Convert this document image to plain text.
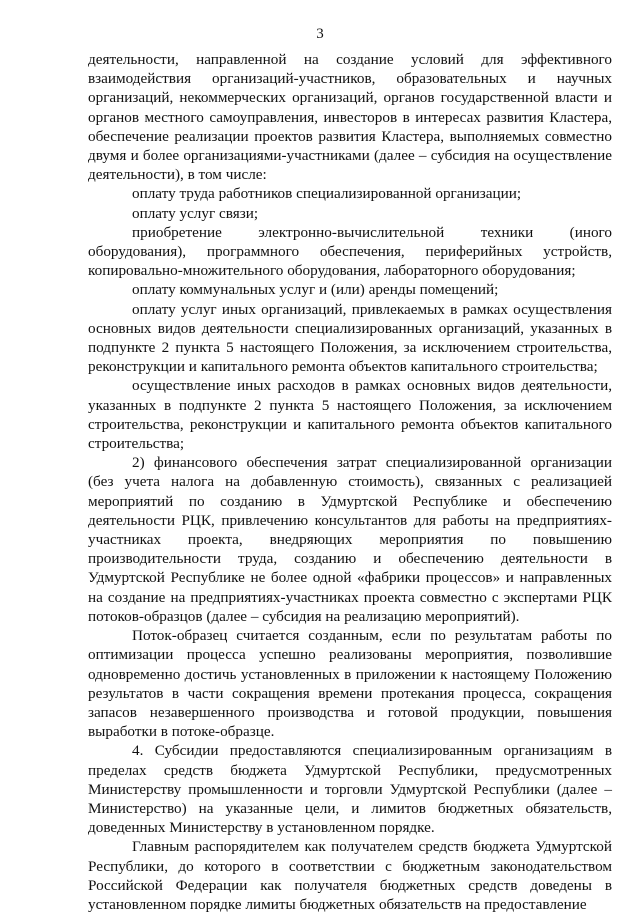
3

деятельности, направленной на создание условий для эффективного взаимодействия организаций-участников, образовательных и научных организаций, некоммерческих организаций, органов государственной власти и органов местного самоуправления, инвесторов в интересах развития Кластера, обеспечение реализации проектов развития Кластера, выполняемых совместно двумя и более организациями-участниками (далее – субсидия на осуществление деятельности), в том числе:

оплату труда работников специализированной организации;

оплату услуг связи;

приобретение электронно-вычислительной техники (иного оборудования), программного обеспечения, периферийных устройств, копировально-множительного оборудования, лабораторного оборудования;

оплату коммунальных услуг и (или) аренды помещений;

оплату услуг иных организаций, привлекаемых в рамках осуществления основных видов деятельности специализированных организаций, указанных в подпункте 2 пункта 5 настоящего Положения, за исключением строительства, реконструкции и капитального ремонта объектов капитального строительства;

осуществление иных расходов в рамках основных видов деятельности, указанных в подпункте 2 пункта 5 настоящего Положения, за исключением строительства, реконструкции и капитального ремонта объектов капитального строительства;

2) финансового обеспечения затрат специализированной организации (без учета налога на добавленную стоимость), связанных с реализацией мероприятий по созданию в Удмуртской Республике и обеспечению деятельности РЦК, привлечению консультантов для работы на предприятиях-участниках проекта, внедряющих мероприятия по повышению производительности труда, созданию и обеспечению деятельности в Удмуртской Республике не более одной «фабрики процессов» и направленных на создание на предприятиях-участниках проекта совместно с экспертами РЦК потоков-образцов (далее – субсидия на реализацию мероприятий).

Поток-образец считается созданным, если по результатам работы по оптимизации процесса успешно реализованы мероприятия, позволившие одновременно достичь установленных в приложении к настоящему Положению результатов в части сокращения времени протекания процесса, сокращения запасов незавершенного производства и готовой продукции, повышения выработки в потоке-образце.

4. Субсидии предоставляются специализированным организациям в пределах средств бюджета Удмуртской Республики, предусмотренных Министерству промышленности и торговли Удмуртской Республики (далее – Министерство) на указанные цели, и лимитов бюджетных обязательств, доведенных Министерству в установленном порядке.

Главным распорядителем как получателем средств бюджета Удмуртской Республики, до которого в соответствии с бюджетным законодательством Российской Федерации как получателя бюджетных средств доведены в установленном порядке лимиты бюджетных обязательств на предоставление
